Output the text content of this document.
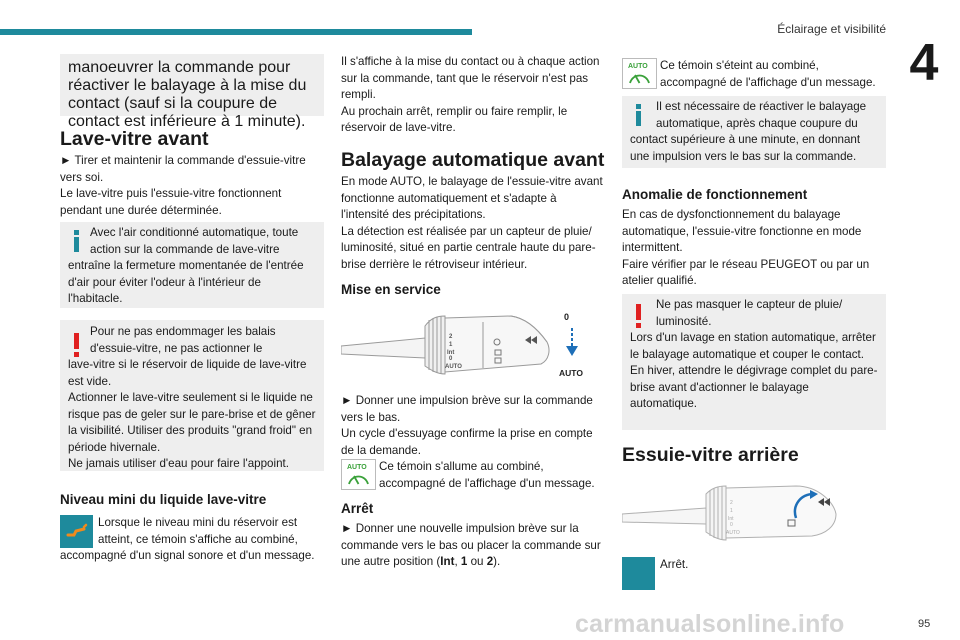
Éclairage et visibilité
4

manoeuvrer la commande pour réactiver le balayage à la mise du contact (sauf si la coupure de contact est inférieure à 1 minute).

Lave-vitre avant

► Tirer et maintenir la commande d'essuie-vitre vers soi.

Le lave-vitre puis l'essuie-vitre fonctionnent pendant une durée déterminée.

Avec l'air conditionné automatique, toute
action sur la commande de lave-vitre

entraîne la fermeture momentanée de l'entrée d'air pour éviter l'odeur à l'intérieur de l'habitacle.

Pour ne pas endommager les balais
d'essuie-vitre, ne pas actionner le

lave-vitre si le réservoir de liquide de lave-vitre est vide.

Actionner le lave-vitre seulement si le liquide ne risque pas de geler sur le pare-brise et de gêner la visibilité. Utiliser des produits "grand froid" en période hivernale.

Ne jamais utiliser d'eau pour faire l'appoint.

Niveau mini du liquide lave-vitre
Lorsque le niveau mini du réservoir est
atteint, ce témoin s'affiche au combiné,

accompagné d'un signal sonore et d'un message.

Il s'affiche à la mise du contact ou à chaque action sur la commande, tant que le réservoir n'est pas rempli.

Au prochain arrêt, remplir ou faire remplir, le réservoir de lave-vitre.

Balayage automatique avant

En mode AUTO, le balayage de l'essuie-vitre avant fonctionne automatiquement et s'adapte à l'intensité des précipitations.

La détection est réalisée par un capteur de pluie/ luminosité, situé en partie centrale haute du pare-brise derrière le rétroviseur intérieur.

Mise en service
2
1
Int
0
AUTO
0
AUTO

► Donner une impulsion brève sur la commande vers le bas.

Un cycle d'essuyage confirme la prise en compte de la demande.

AUTO Ce témoin s'allume au combiné,
accompagné de l'affichage d'un message.
Arrêt

► Donner une nouvelle impulsion brève sur la commande vers le bas ou placer la commande sur une autre position (Int, 1 ou 2).

AUTO Ce témoin s'éteint au combiné,
accompagné de l'affichage d'un message.
Il est nécessaire de réactiver le balayage
automatique, après chaque coupure du

contact supérieure à une minute, en donnant une impulsion vers le bas sur la commande.

Anomalie de fonctionnement

En cas de dysfonctionnement du balayage automatique, l'essuie-vitre fonctionne en mode intermittent.

Faire vérifier par le réseau PEUGEOT ou par un atelier qualifié.

Ne pas masquer le capteur de pluie/
luminosité.

Lors d'un lavage en station automatique, arrêter le balayage automatique et couper le contact.

En hiver, attendre le dégivrage complet du pare-brise avant d'actionner le balayage automatique.

Essuie-vitre arrière
2
1
Int
0
AUTO

Arrêt.

carmanualsonline.info	95
